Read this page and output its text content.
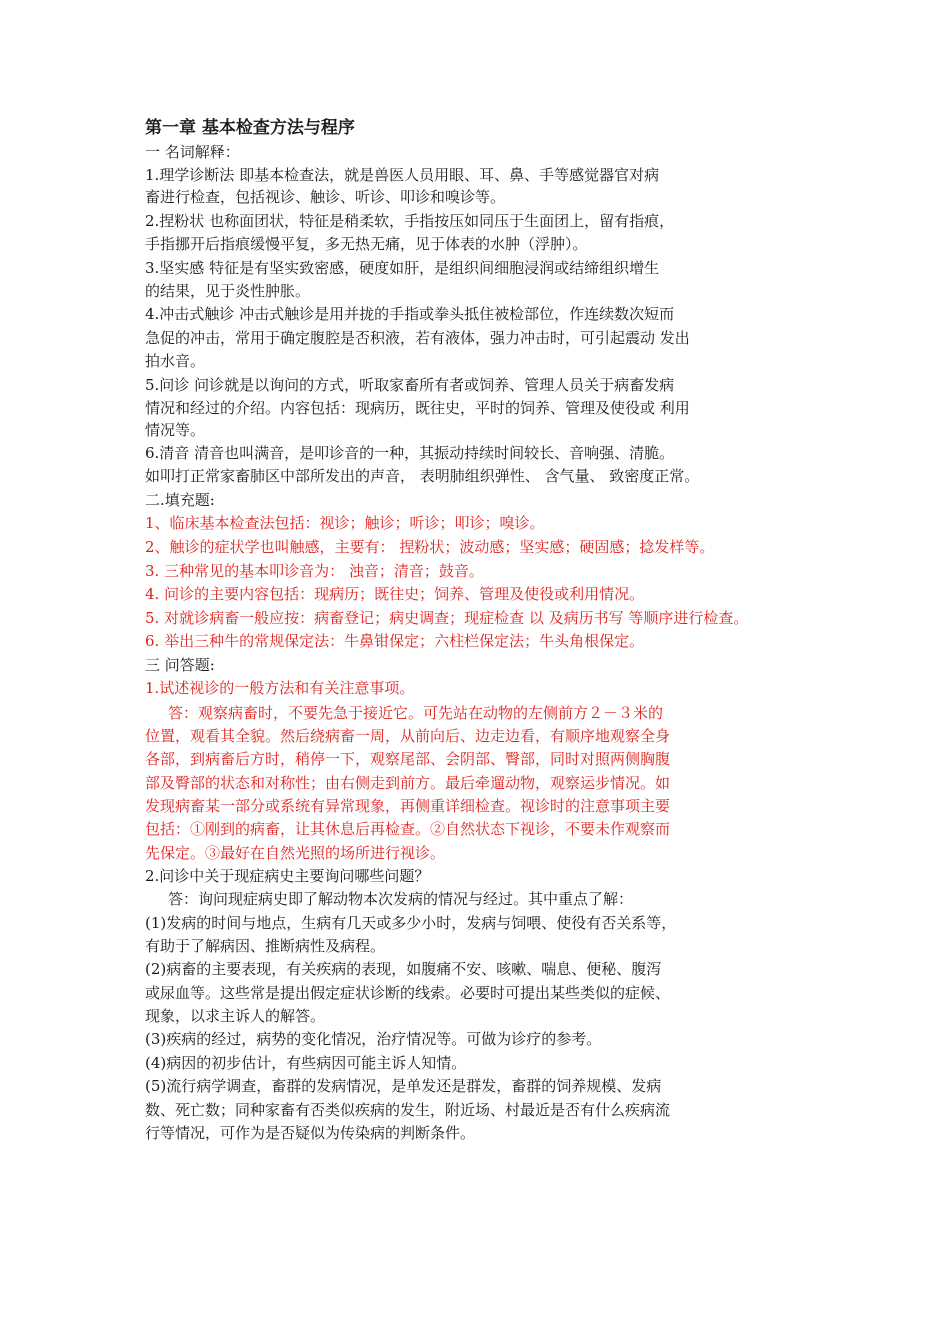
第一章 基本检查方法与程序
一 名词解释：
1.理学诊断法 即基本检查法，就是兽医人员用眼、耳、鼻、手等感觉器官对病
畜进行检查，包括视诊、触诊、听诊、叩诊和嗅诊等。
2.捏粉状 也称面团状，特征是稍柔软，手指按压如同压于生面团上，留有指痕，
手指挪开后指痕缓慢平复，多无热无痛，见于体表的水肿（浮肿）。
3.坚实感 特征是有坚实致密感，硬度如肝，是组织间细胞浸润或结缔组织增生
的结果，见于炎性肿胀。
4.冲击式触诊 冲击式触诊是用并拢的手指或拳头抵住被检部位，作连续数次短而
急促的冲击，常用于确定腹腔是否积液，若有液体，强力冲击时，可引起震动 发出
拍水音。
5.问诊 问诊就是以询问的方式，听取家畜所有者或饲养、管理人员关于病畜发病
情况和经过的介绍。内容包括：现病历，既往史，平时的饲养、管理及使役或 利用
情况等。
6.清音 清音也叫满音，是叩诊音的一种，其振动持续时间较长、音响强、清脆。
如叩打正常家畜肺区中部所发出的声音， 表明肺组织弹性、 含气量、 致密度正常。
二.填充题:
1、临床基本检查法包括：视诊；触诊；听诊；叩诊；嗅诊。
2、触诊的症状学也叫触感，主要有： 捏粉状；波动感；坚实感；硬固感；捻发样等。
3. 三种常见的基本叩诊音为： 浊音；清音；鼓音。
4. 问诊的主要内容包括：现病历；既往史；饲养、管理及使役或利用情况。
5. 对就诊病畜一般应按：病畜登记；病史调查；现症检查 以 及病历书写 等顺序进行检查。
6. 举出三种牛的常规保定法：牛鼻钳保定；六柱栏保定法；牛头角根保定。
三 问答题:
1.试述视诊的一般方法和有关注意事项。
答：观察病畜时，不要先急于接近它。可先站在动物的左侧前方２－３米的
位置，观看其全貌。然后绕病畜一周，从前向后、边走边看，有顺序地观察全身
各部，到病畜后方时，稍停一下，观察尾部、会阴部、臀部，同时对照两侧胸腹
部及臀部的状态和对称性；由右侧走到前方。最后牵遛动物，观察运步情况。如
发现病畜某一部分或系统有异常现象，再侧重详细检查。视诊时的注意事项主要
包括：①刚到的病畜，让其休息后再检查。②自然状态下视诊，不要未作观察而
先保定。③最好在自然光照的场所进行视诊。
2.问诊中关于现症病史主要询问哪些问题？
答：询问现症病史即了解动物本次发病的情况与经过。其中重点了解：
(1)发病的时间与地点，生病有几天或多少小时，发病与饲喂、使役有否关系等，
有助于了解病因、推断病性及病程。
(2)病畜的主要表现，有关疾病的表现，如腹痛不安、咳嗽、喘息、便秘、腹泻
或尿血等。这些常是提出假定症状诊断的线索。必要时可提出某些类似的症候、
现象，以求主诉人的解答。
(3)疾病的经过，病势的变化情况，治疗情况等。可做为诊疗的参考。
(4)病因的初步估计，有些病因可能主诉人知情。
(5)流行病学调查，畜群的发病情况，是单发还是群发，畜群的饲养规模、发病
数、死亡数；同种家畜有否类似疾病的发生，附近场、村最近是否有什么疾病流
行等情况，可作为是否疑似为传染病的判断条件。
